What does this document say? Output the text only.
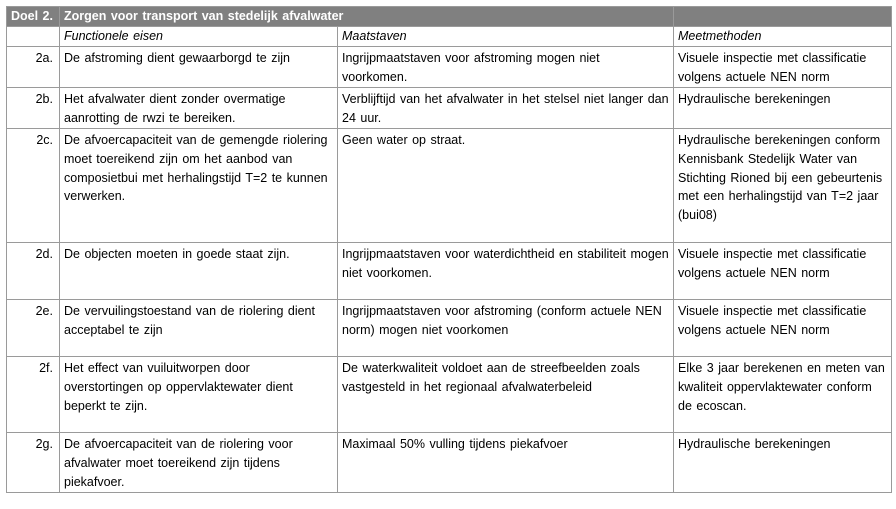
Doel 2.	Zorgen voor transport van stedelijk afvalwater		
	Functionele eisen	Maatstaven	Meetmethoden
2a.	De afstroming dient gewaarborgd te zijn	Ingrijpmaatstaven voor afstroming mogen niet voorkomen.	Visuele inspectie met classificatie volgens actuele NEN norm
2b.	Het afvalwater dient zonder overmatige aanrotting de rwzi te bereiken.	Verblijftijd van het afvalwater in het stelsel niet langer dan 24 uur.	Hydraulische berekeningen
2c.	De afvoercapaciteit van de gemengde riolering moet toereikend zijn om het aanbod van composietbui met herhalingstijd T=2 te kunnen verwerken.	Geen water op straat.	Hydraulische berekeningen conform Kennisbank Stedelijk Water van Stichting Rioned bij een gebeurtenis met een herhalingstijd van T=2 jaar (bui08)
2d.	De objecten moeten in goede staat zijn.	Ingrijpmaatstaven voor waterdichtheid en stabiliteit mogen niet voorkomen.	Visuele inspectie met classificatie volgens actuele NEN norm
2e.	De vervuilingstoestand van de riolering dient acceptabel te zijn	Ingrijpmaatstaven voor afstroming (conform actuele NEN norm) mogen niet voorkomen	Visuele inspectie met classificatie volgens actuele NEN norm
2f.	Het effect van vuiluitworpen door overstortingen op oppervlaktewater dient beperkt te zijn.	De waterkwaliteit voldoet aan de streefbeelden zoals vastgesteld in het regionaal afvalwaterbeleid	Elke 3 jaar berekenen en meten van kwaliteit oppervlaktewater conform de ecoscan.
2g.	De afvoercapaciteit van de riolering voor afvalwater moet toereikend zijn tijdens piekafvoer.	Maximaal 50% vulling tijdens piekafvoer	Hydraulische berekeningen
